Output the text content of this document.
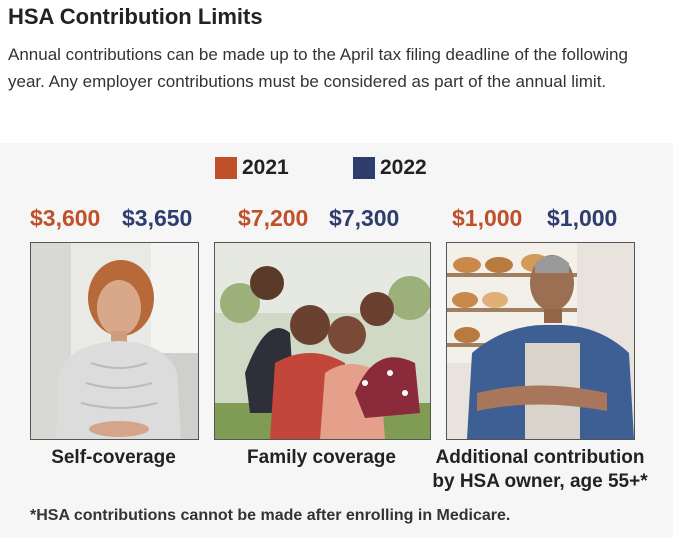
HSA Contribution Limits
Annual contributions can be made up to the April tax filing deadline of the following year. Any employer contributions must be considered as part of the annual limit.
2021	2022
$3,600 $3,650 $7,200 $7,300 $1,000 $1,000
Self-coverage	Family coverage	Additional contribution
by HSA owner, age 55+*
*HSA contributions cannot be made after enrolling in Medicare.
